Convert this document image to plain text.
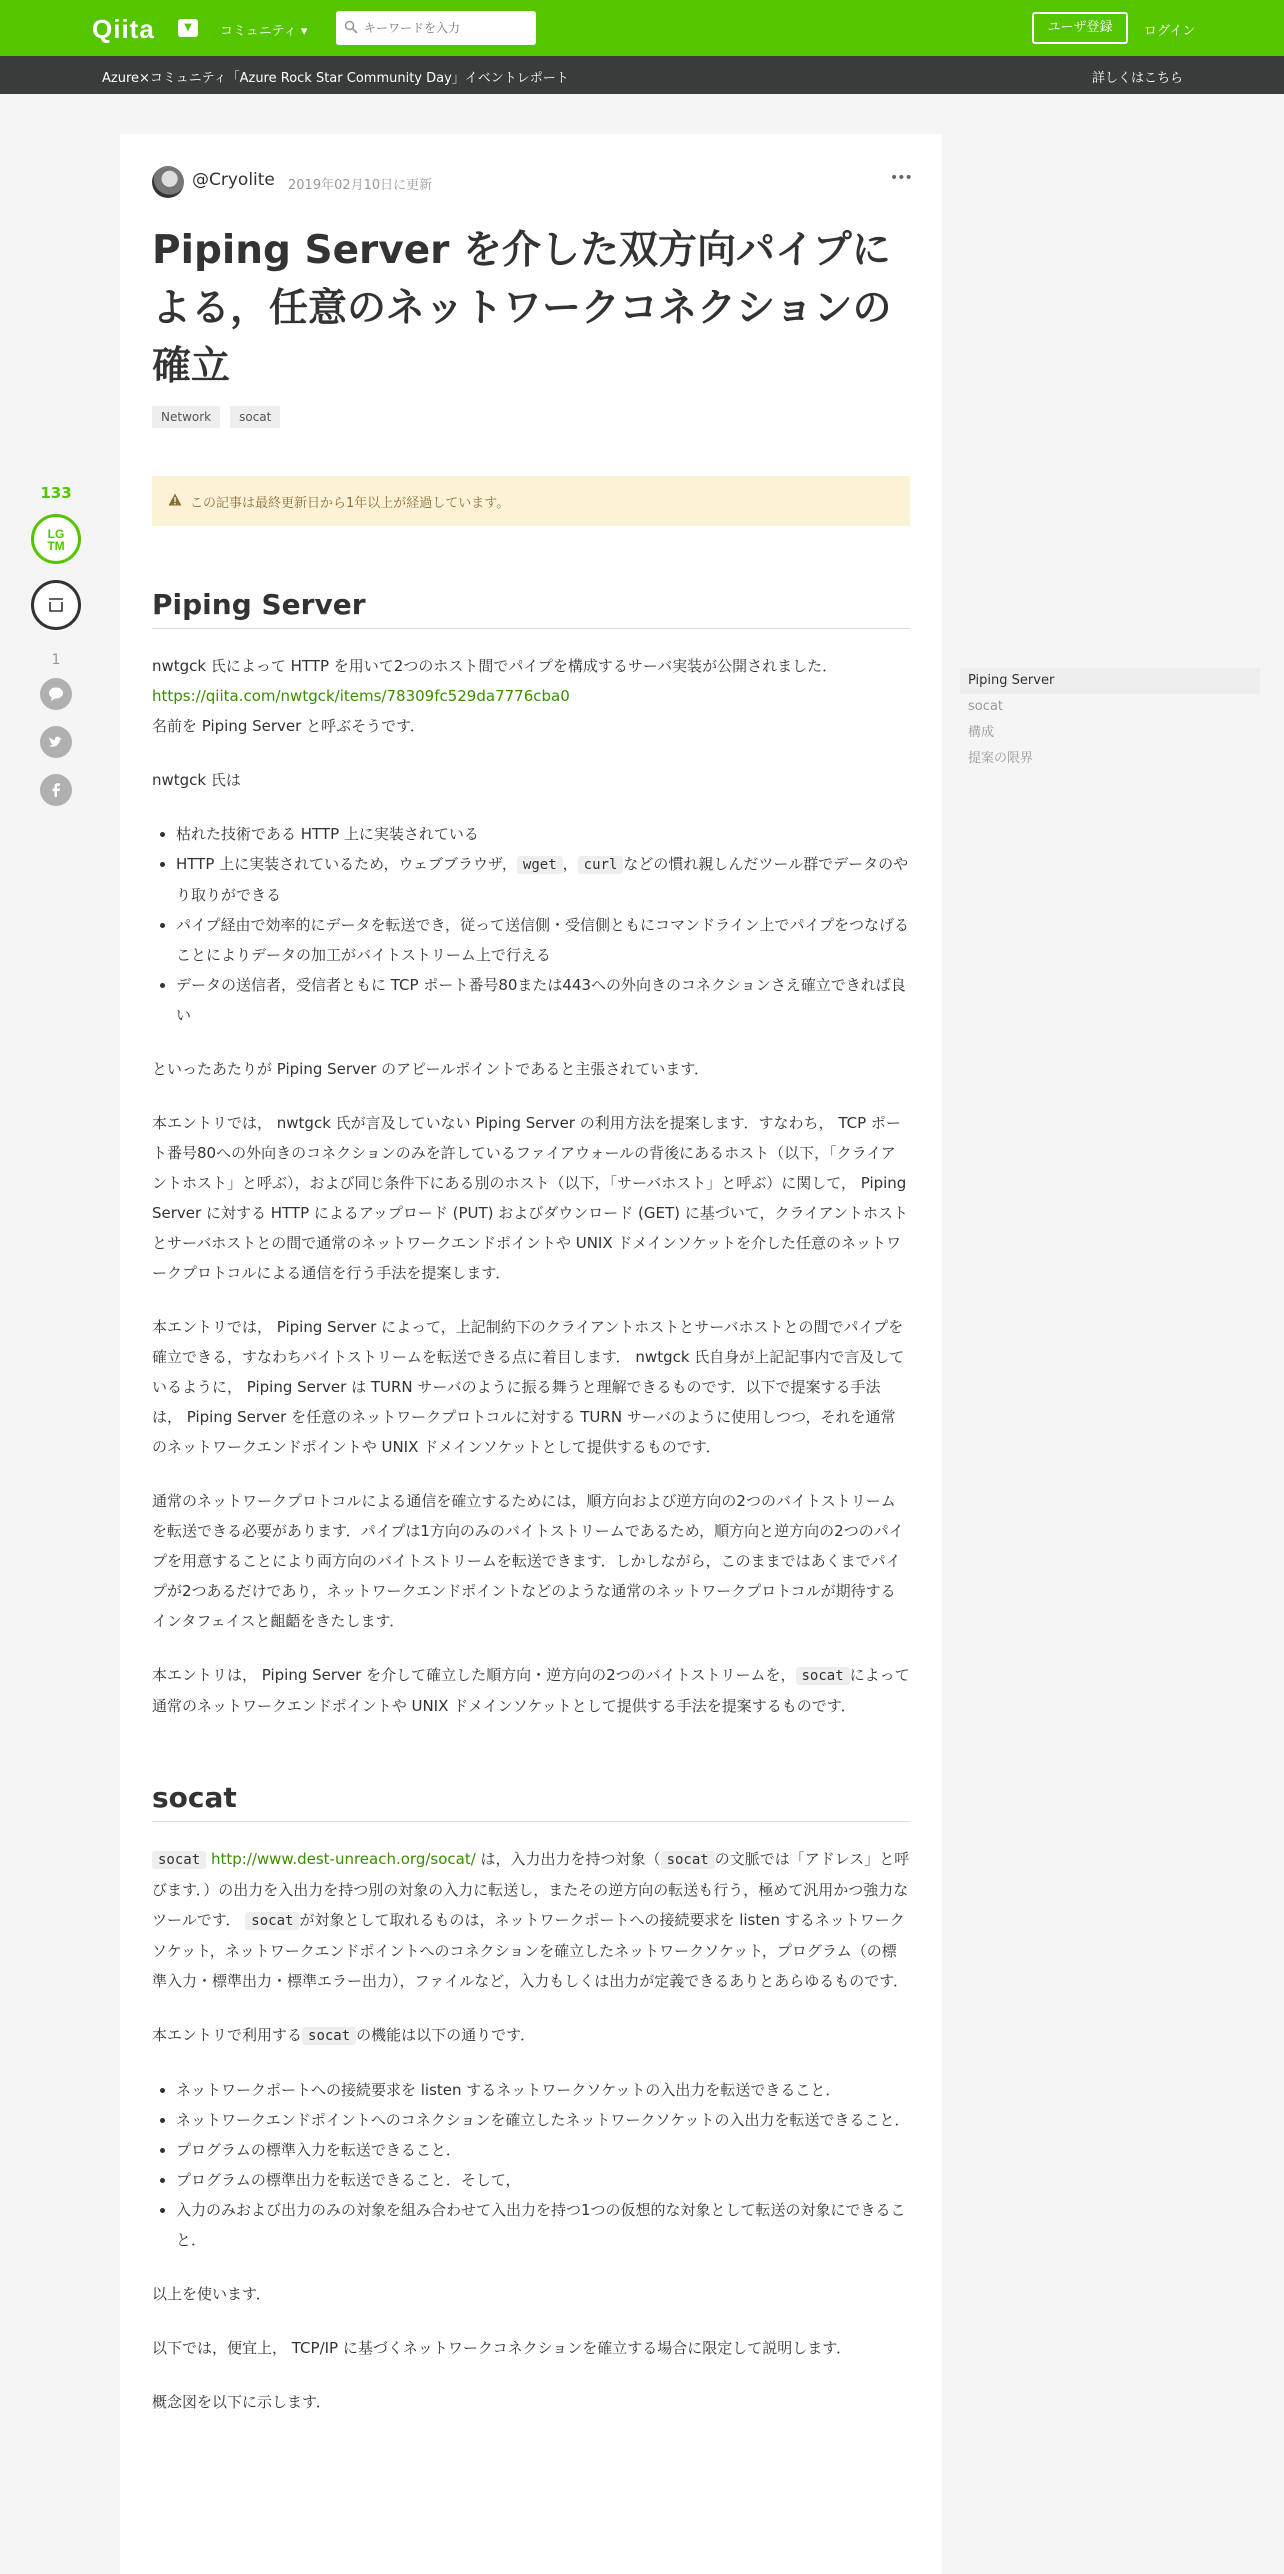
Qiita	▼	コミュニティ ▾
キーワードを入力	ユーザ登録	ログイン
Azure×コミュニティ「Azure Rock Star Community Day」イベントレポート	詳しくはこちら
133
LG
TM
1
@Cryolite 2019年02月10日に更新	•••
Piping Server を介した双方向パイプによる，任意のネットワークコネクションの確立
Network	socat
この記事は最終更新日から1年以上が経過しています。
Piping Server

nwtgck 氏によって HTTP を用いて2つのホスト間でパイプを構成するサーバ実装が公開されました．
https://qiita.com/nwtgck/items/78309fc529da7776cba0
名前を Piping Server と呼ぶそうです．

nwtgck 氏は

• 枯れた技術である HTTP 上に実装されている
• HTTP 上に実装されているため，ウェブブラウザ， wget ， curl などの慣れ親しんだツール群でデータのやり取りができる
• パイプ経由で効率的にデータを転送でき，従って送信側・受信側ともにコマンドライン上でパイプをつなげることによりデータの加工がバイトストリーム上で行える
• データの送信者，受信者ともに TCP ポート番号80または443への外向きのコネクションさえ確立できれば良い

といったあたりが Piping Server のアピールポイントであると主張されています．

本エントリでは， nwtgck 氏が言及していない Piping Server の利用方法を提案します．すなわち， TCP ポート番号80への外向きのコネクションのみを許しているファイアウォールの背後にあるホスト（以下，「クライアントホスト」と呼ぶ），および同じ条件下にある別のホスト（以下，「サーバホスト」と呼ぶ）に関して， Piping Server に対する HTTP によるアップロード (PUT) およびダウンロード (GET) に基づいて，クライアントホストとサーバホストとの間で通常のネットワークエンドポイントや UNIX ドメインソケットを介した任意のネットワークプロトコルによる通信を行う手法を提案します．

本エントリでは， Piping Server によって，上記制約下のクライアントホストとサーバホストとの間でパイプを確立できる，すなわちバイトストリームを転送できる点に着目します． nwtgck 氏自身が上記記事内で言及しているように， Piping Server は TURN サーバのように振る舞うと理解できるものです．以下で提案する手法は， Piping Server を任意のネットワークプロトコルに対する TURN サーバのように使用しつつ，それを通常のネットワークエンドポイントや UNIX ドメインソケットとして提供するものです．

通常のネットワークプロトコルによる通信を確立するためには，順方向および逆方向の2つのバイトストリームを転送できる必要があります．パイプは1方向のみのバイトストリームであるため，順方向と逆方向の2つのパイプを用意することにより両方向のバイトストリームを転送できます．しかしながら，このままではあくまでパイプが2つあるだけであり，ネットワークエンドポイントなどのような通常のネットワークプロトコルが期待するインタフェイスと齟齬をきたします．

本エントリは， Piping Server を介して確立した順方向・逆方向の2つのバイトストリームを， socat によって通常のネットワークエンドポイントや UNIX ドメインソケットとして提供する手法を提案するものです．

socat

socat http://www.dest-unreach.org/socat/ は，入力出力を持つ対象（ socat の文脈では「アドレス」と呼びます．）の出力を入出力を持つ別の対象の入力に転送し，またその逆方向の転送も行う，極めて汎用かつ強力なツールです． socat が対象として取れるものは，ネットワークポートへの接続要求を listen するネットワークソケット，ネットワークエンドポイントへのコネクションを確立したネットワークソケット，プログラム（の標準入力・標準出力・標準エラー出力），ファイルなど，入力もしくは出力が定義できるありとあらゆるものです．

本エントリで利用する socat の機能は以下の通りです．

• ネットワークポートへの接続要求を listen するネットワークソケットの入出力を転送できること．
• ネットワークエンドポイントへのコネクションを確立したネットワークソケットの入出力を転送できること．
• プログラムの標準入力を転送できること．
• プログラムの標準出力を転送できること．そして，
• 入力のみおよび出力のみの対象を組み合わせて入出力を持つ1つの仮想的な対象として転送の対象にできること．

以上を使います．

以下では，便宜上， TCP/IP に基づくネットワークコネクションを確立する場合に限定して説明します．

概念図を以下に示します．

Piping Server
socat
構成
提案の限界
